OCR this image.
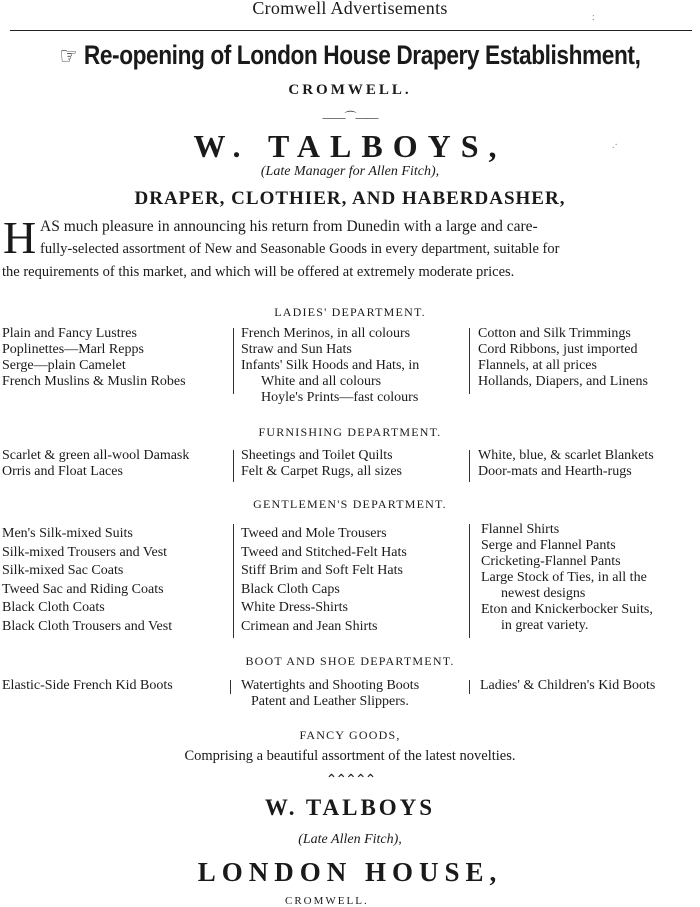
Cromwell Advertisements
☞ Re-opening of London House Drapery Establishment,
CROMWELL.
——⌒——
W. TALBOYS,
(Late Manager for Allen Fitch),
DRAPER, CLOTHIER, AND HABERDASHER,
H AS much pleasure in announcing his return from Dunedin with a large and care-
fully-selected assortment of New and Seasonable Goods in every department, suitable for
the requirements of this market, and which will be offered at extremely moderate prices.
LADIES' DEPARTMENT.
Plain and Fancy Lustres
Poplinettes—Marl Repps
Serge—plain Camelet
French Muslins & Muslin Robes
French Merinos, in all colours
Straw and Sun Hats
Infants' Silk Hoods and Hats, in
White and all colours
Hoyle's Prints—fast colours
Cotton and Silk Trimmings
Cord Ribbons, just imported
Flannels, at all prices
Hollands, Diapers, and Linens
FURNISHING DEPARTMENT.
Scarlet & green all-wool Damask
Orris and Float Laces
Sheetings and Toilet Quilts
Felt & Carpet Rugs, all sizes
White, blue, & scarlet Blankets
Door-mats and Hearth-rugs
GENTLEMEN'S DEPARTMENT.
Men's Silk-mixed Suits
Silk-mixed Trousers and Vest
Silk-mixed Sac Coats
Tweed Sac and Riding Coats
Black Cloth Coats
Black Cloth Trousers and Vest
Tweed and Mole Trousers
Tweed and Stitched-Felt Hats
Stiff Brim and Soft Felt Hats
Black Cloth Caps
White Dress-Shirts
Crimean and Jean Shirts
Flannel Shirts
Serge and Flannel Pants
Cricketing-Flannel Pants
Large Stock of Ties, in all the
newest designs
Eton and Knickerbocker Suits,
in great variety.
BOOT AND SHOE DEPARTMENT.
Elastic-Side French Kid Boots	Watertights and Shooting Boots
Patent and Leather Slippers.
Ladies' & Children's Kid Boots
FANCY GOODS,
Comprising a beautiful assortment of the latest novelties.
⌃⌃⌃⌃⌃
W. TALBOYS
(Late Allen Fitch),
LONDON HOUSE,
CROMWELL.
:
.·
